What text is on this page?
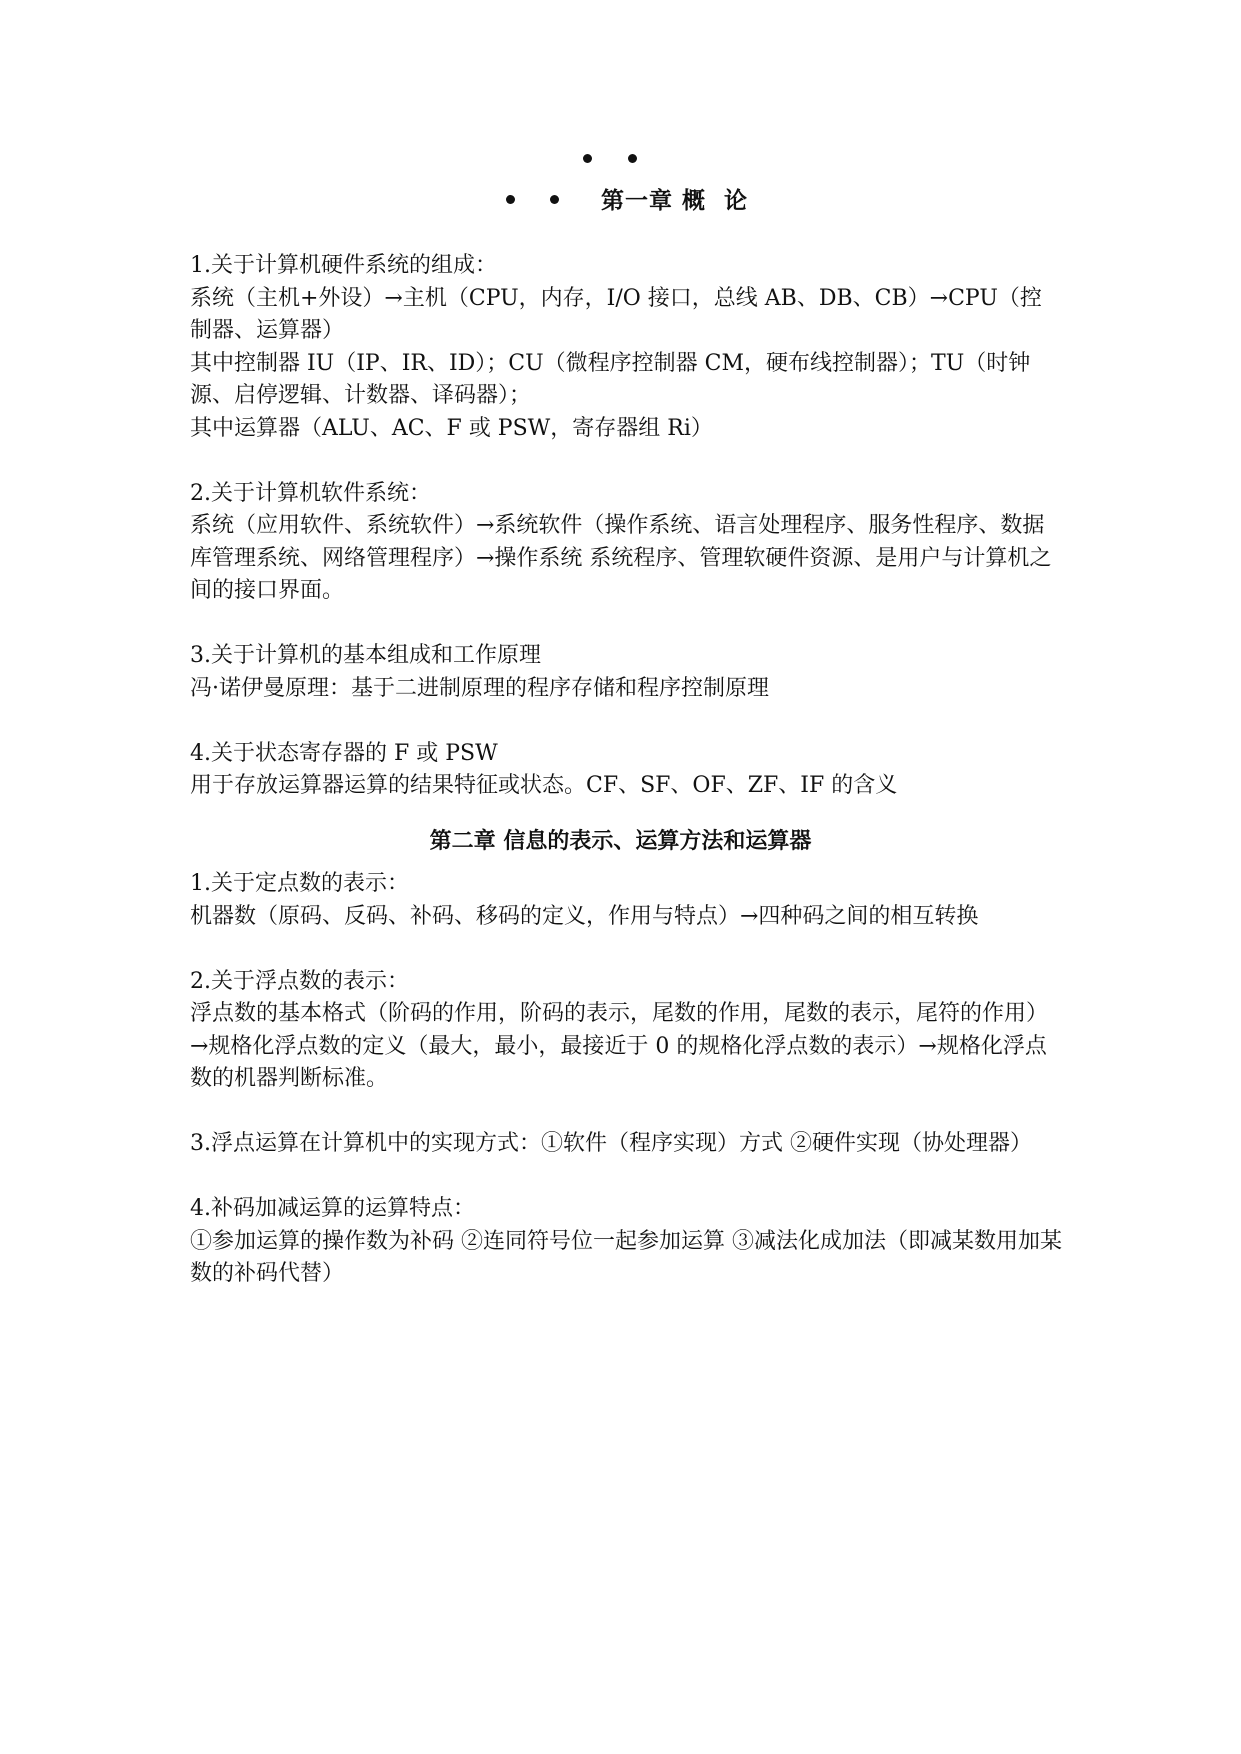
第一章 概  论

1.关于计算机硬件系统的组成：

系统（主机+外设）→主机（CPU，内存，I/O 接口，总线 AB、DB、CB）→CPU（控制器、运算器）

其中控制器 IU（IP、IR、ID）；CU（微程序控制器 CM，硬布线控制器）；TU（时钟源、启停逻辑、计数器、译码器）；

其中运算器（ALU、AC、F 或 PSW，寄存器组 Ri）

2.关于计算机软件系统：

系统（应用软件、系统软件）→系统软件（操作系统、语言处理程序、服务性程序、数据库管理系统、网络管理程序）→操作系统 系统程序、管理软硬件资源、是用户与计算机之间的接口界面。

3.关于计算机的基本组成和工作原理

冯·诺伊曼原理：基于二进制原理的程序存储和程序控制原理

4.关于状态寄存器的 F 或 PSW

用于存放运算器运算的结果特征或状态。CF、SF、OF、ZF、IF 的含义

第二章 信息的表示、运算方法和运算器

1.关于定点数的表示：

机器数（原码、反码、补码、移码的定义，作用与特点）→四种码之间的相互转换

2.关于浮点数的表示：

浮点数的基本格式（阶码的作用，阶码的表示，尾数的作用，尾数的表示，尾符的作用）→规格化浮点数的定义（最大，最小，最接近于 0 的规格化浮点数的表示）→规格化浮点数的机器判断标准。

3.浮点运算在计算机中的实现方式：①软件（程序实现）方式 ②硬件实现（协处理器）

4.补码加减运算的运算特点：

①参加运算的操作数为补码 ②连同符号位一起参加运算 ③减法化成加法（即减某数用加某数的补码代替）
